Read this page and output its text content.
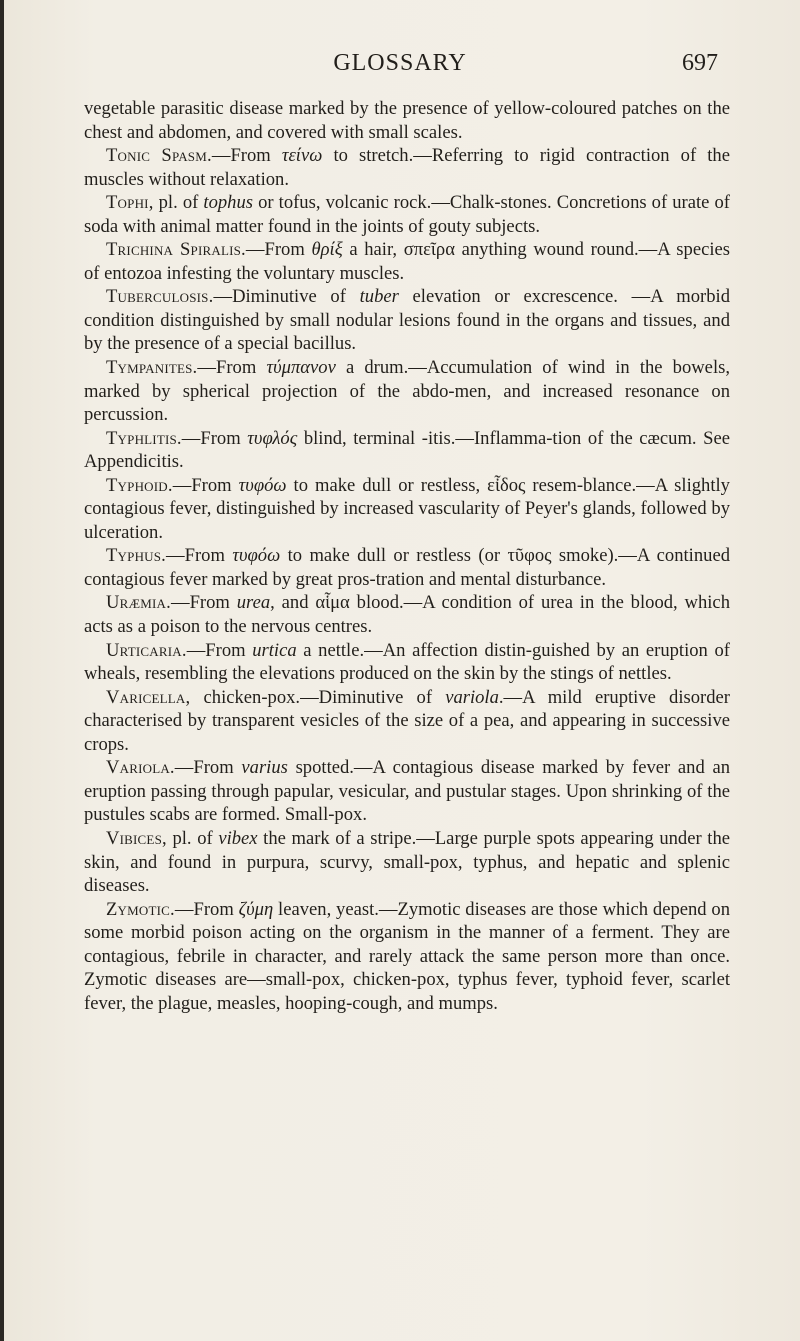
GLOSSARY	697

vegetable parasitic disease marked by the presence of yellow-coloured patches on the chest and abdomen, and covered with small scales.

Tonic Spasm.—From τείνω to stretch.—Referring to rigid contraction of the muscles without relaxation.

Tophi, pl. of tophus or tofus, volcanic rock.—Chalk-stones. Concretions of urate of soda with animal matter found in the joints of gouty subjects.

Trichina Spiralis.—From θρίξ a hair, σπεῖρα anything wound round.—A species of entozoa infesting the voluntary muscles.

Tuberculosis.—Diminutive of tuber elevation or excrescence. —A morbid condition distinguished by small nodular lesions found in the organs and tissues, and by the presence of a special bacillus.

Tympanites.—From τύμπανον a drum.—Accumulation of wind in the bowels, marked by spherical projection of the abdo-men, and increased resonance on percussion.

Typhlitis.—From τυφλός blind, terminal -itis.—Inflamma-tion of the cæcum. See Appendicitis.

Typhoid.—From τυφόω to make dull or restless, εἶδος resem-blance.—A slightly contagious fever, distinguished by increased vascularity of Peyer's glands, followed by ulceration.

Typhus.—From τυφόω to make dull or restless (or τῦφος smoke).—A continued contagious fever marked by great pros-tration and mental disturbance.

Uræmia.—From urea, and αἷμα blood.—A condition of urea in the blood, which acts as a poison to the nervous centres.

Urticaria.—From urtica a nettle.—An affection distin-guished by an eruption of wheals, resembling the elevations produced on the skin by the stings of nettles.

Varicella, chicken-pox.—Diminutive of variola.—A mild eruptive disorder characterised by transparent vesicles of the size of a pea, and appearing in successive crops.

Variola.—From varius spotted.—A contagious disease marked by fever and an eruption passing through papular, vesicular, and pustular stages. Upon shrinking of the pustules scabs are formed. Small-pox.

Vibices, pl. of vibex the mark of a stripe.—Large purple spots appearing under the skin, and found in purpura, scurvy, small-pox, typhus, and hepatic and splenic diseases.

Zymotic.—From ζύμη leaven, yeast.—Zymotic diseases are those which depend on some morbid poison acting on the organism in the manner of a ferment. They are contagious, febrile in character, and rarely attack the same person more than once. Zymotic diseases are—small-pox, chicken-pox, typhus fever, typhoid fever, scarlet fever, the plague, measles, hooping-cough, and mumps.
